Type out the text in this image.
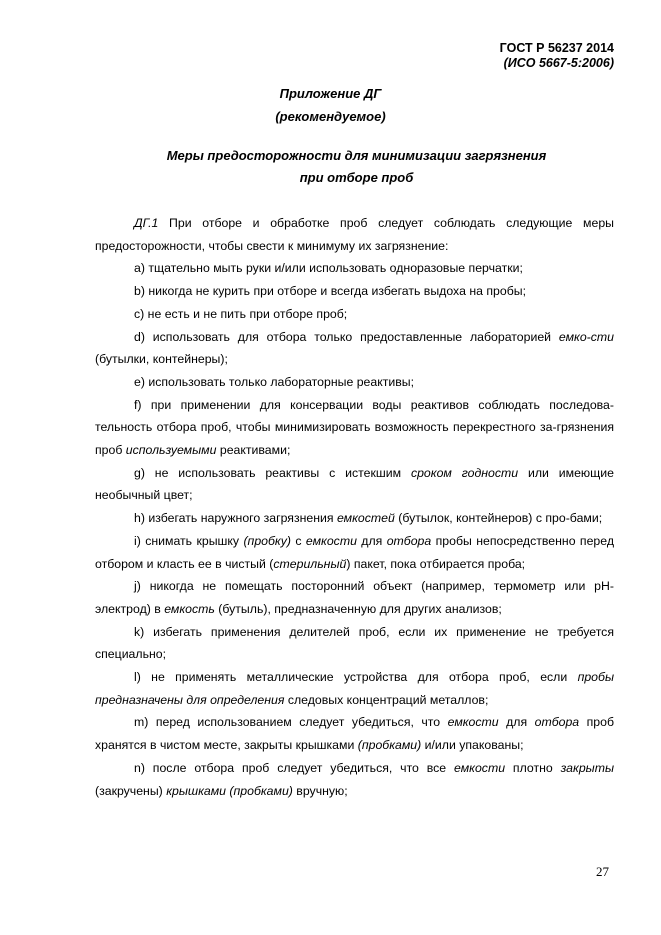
ГОСТ Р 56237 2014
(ИСО 5667-5:2006)
Приложение ДГ
(рекомендуемое)
Меры предосторожности для минимизации загрязнения
при отборе проб

ДГ.1 При отборе и обработке проб следует соблюдать следующие меры предосторожности, чтобы свести к минимуму их загрязнение:

а) тщательно мыть руки и/или использовать одноразовые перчатки;

b) никогда не курить при отборе и всегда избегать выдоха на пробы;

с) не есть и не пить при отборе проб;

d) использовать для отбора только предоставленные лабораторией емко-сти (бутылки, контейнеры);

е) использовать только лабораторные реактивы;

f) при применении для консервации воды реактивов соблюдать последова-тельность отбора проб, чтобы минимизировать возможность перекрестного за-грязнения проб используемыми реактивами;

g) не использовать реактивы с истекшим сроком годности или имеющие необычный цвет;

h) избегать наружного загрязнения емкостей (бутылок, контейнеров) с про-бами;

i) снимать крышку (пробку) с емкости для отбора пробы непосредственно перед отбором и класть ее в чистый (стерильный) пакет, пока отбирается проба;

j) никогда не помещать посторонний объект (например, термометр или pH-электрод) в емкость (бутыль), предназначенную для других анализов;

k) избегать применения делителей проб, если их применение не требуется специально;

l) не применять металлические устройства для отбора проб, если пробы предназначены для определения следовых концентраций металлов;

m) перед использованием следует убедиться, что емкости для отбора проб хранятся в чистом месте, закрыты крышками (пробками) и/или упакованы;

n) после отбора проб следует убедиться, что все емкости плотно закрыты (закручены) крышками (пробками) вручную;

27
